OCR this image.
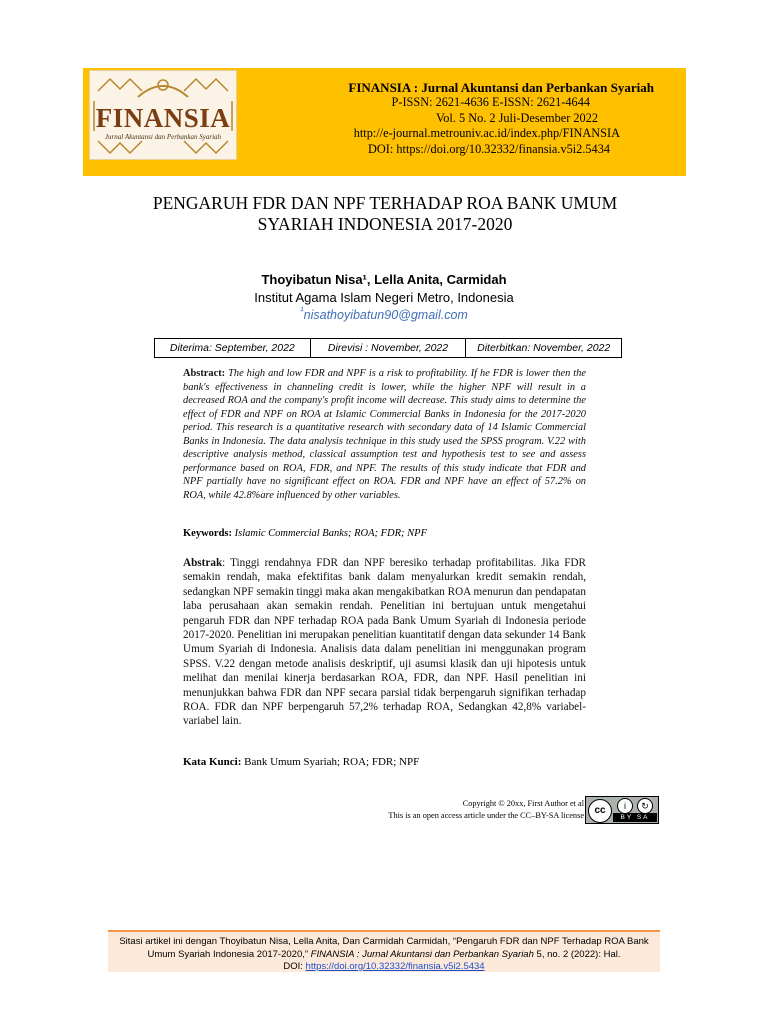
FINANSIA
Jurnal Akuntansi dan Perbankan Syariah
FINANSIA : Jurnal Akuntansi dan Perbankan Syariah
P-ISSN: 2621-4636 E-ISSN: 2621-4644
Vol. 5 No. 2 Juli-Desember 2022
http://e-journal.metrouniv.ac.id/index.php/FINANSIA
DOI: https://doi.org/10.32332/finansia.v5i2.5434
PENGARUH FDR DAN NPF TERHADAP ROA BANK UMUM
SYARIAH INDONESIA 2017-2020
Thoyibatun Nisa¹, Lella Anita, Carmidah
Institut Agama Islam Negeri Metro, Indonesia
$^{^1}$nisathoyibatun90@gmail.com
Diterima: September, 2022	Direvisi : November, 2022	Diterbitkan: November, 2022
Abstract: The high and low FDR and NPF is a risk to profitability. If he FDR is lower then the bank's effectiveness in channeling credit is lower, while the higher NPF will result in a decreased ROA and the company's profit income will decrease. This study aims to determine the effect of FDR and NPF on ROA at Islamic Commercial Banks in Indonesia for the 2017-2020 period. This research is a quantitative research with secondary data of 14 Islamic Commercial Banks in Indonesia. The data analysis technique in this study used the SPSS program. V.22 with descriptive analysis method, classical assumption test and hypothesis test to see and assess performance based on ROA, FDR, and NPF. The results of this study indicate that FDR and NPF partially have no significant effect on ROA. FDR and NPF have an effect of 57.2% on ROA, while 42.8%are influenced by other variables.
Keywords: Islamic Commercial Banks; ROA; FDR; NPF
Abstrak: Tinggi rendahnya FDR dan NPF beresiko terhadap profitabilitas. Jika FDR semakin rendah, maka efektifitas bank dalam menyalurkan kredit semakin rendah, sedangkan NPF semakin tinggi maka akan mengakibatkan ROA menurun dan pendapatan laba perusahaan akan semakin rendah. Penelitian ini bertujuan untuk mengetahui pengaruh FDR dan NPF terhadap ROA pada Bank Umum Syariah di Indonesia periode 2017-2020. Penelitian ini merupakan penelitian kuantitatif dengan data sekunder 14 Bank Umum Syariah di Indonesia. Analisis data dalam penelitian ini menggunakan program SPSS. V.22 dengan metode analisis deskriptif, uji asumsi klasik dan uji hipotesis untuk melihat dan menilai kinerja berdasarkan ROA, FDR, dan NPF. Hasil penelitian ini menunjukkan bahwa FDR dan NPF secara parsial tidak berpengaruh signifikan terhadap ROA. FDR dan NPF berpengaruh 57,2% terhadap ROA, Sedangkan 42,8% variabel-variabel lain.
Kata Kunci: Bank Umum Syariah; ROA; FDR; NPF
Copyright © 20xx, First Author et al
This is an open access article under the CC–BY-SA license	cc	i	↻
BY SA
Sitasi artikel ini dengan Thoyibatun Nisa, Lella Anita, Dan Carmidah Carmidah, “Pengaruh FDR dan NPF Terhadap ROA Bank
Umum Syariah Indonesia 2017-2020,” FINANSIA : Jurnal Akuntansi dan Perbankan Syariah 5, no. 2 (2022): Hal.
DOI: https://doi.org/10.32332/finansia.v5i2.5434
